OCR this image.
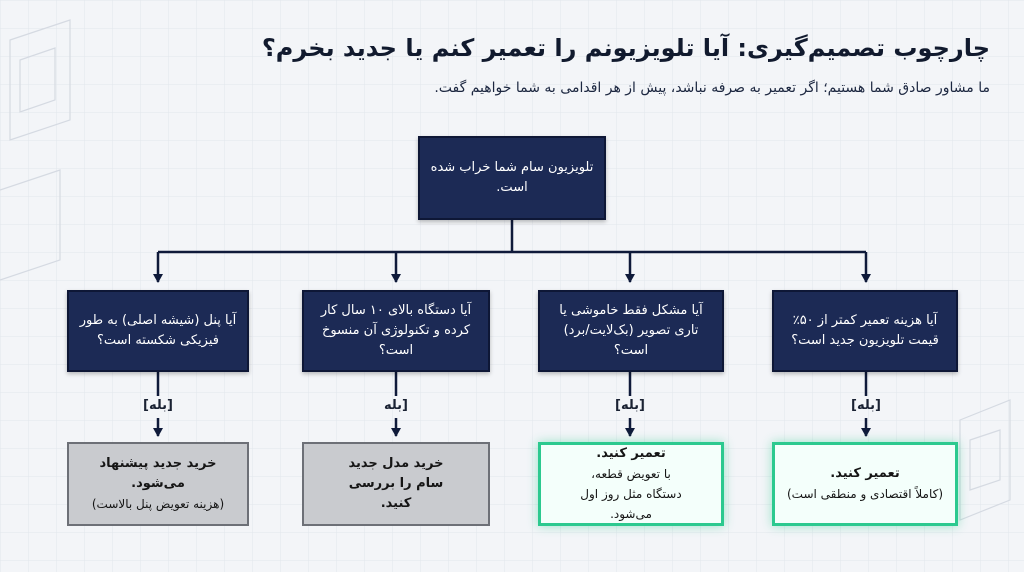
چارچوب تصمیم‌گیری: آیا تلویزیونم را تعمیر کنم یا جدید بخرم؟
ما مشاور صادق شما هستیم؛ اگر تعمیر به صرفه نباشد، پیش از هر اقدامی به شما خواهیم گفت.
تلویزیون سام شما خراب شده است.
آیا پنل (شیشه اصلی) به طور فیزیکی شکسته است؟
آیا دستگاه بالای ۱۰ سال کار کرده و تکنولوژی آن منسوخ است؟
آیا مشکل فقط خاموشی یا تاری تصویر (بک‌لایت/برد) است؟
آیا هزینه تعمیر کمتر از ۵۰٪ قیمت تلویزیون جدید است؟
[بله]	[بله	[بله]	[بله]
خرید جدید پیشنهاد می‌شود.
(هزینه تعویض پنل بالاست)
خرید مدل جدید سام را بررسی کنید.
تعمیر کنید.
با تعویض قطعه، دستگاه مثل روز اول می‌شود.
تعمیر کنید.
(کاملاً اقتصادی و منطقی است)
